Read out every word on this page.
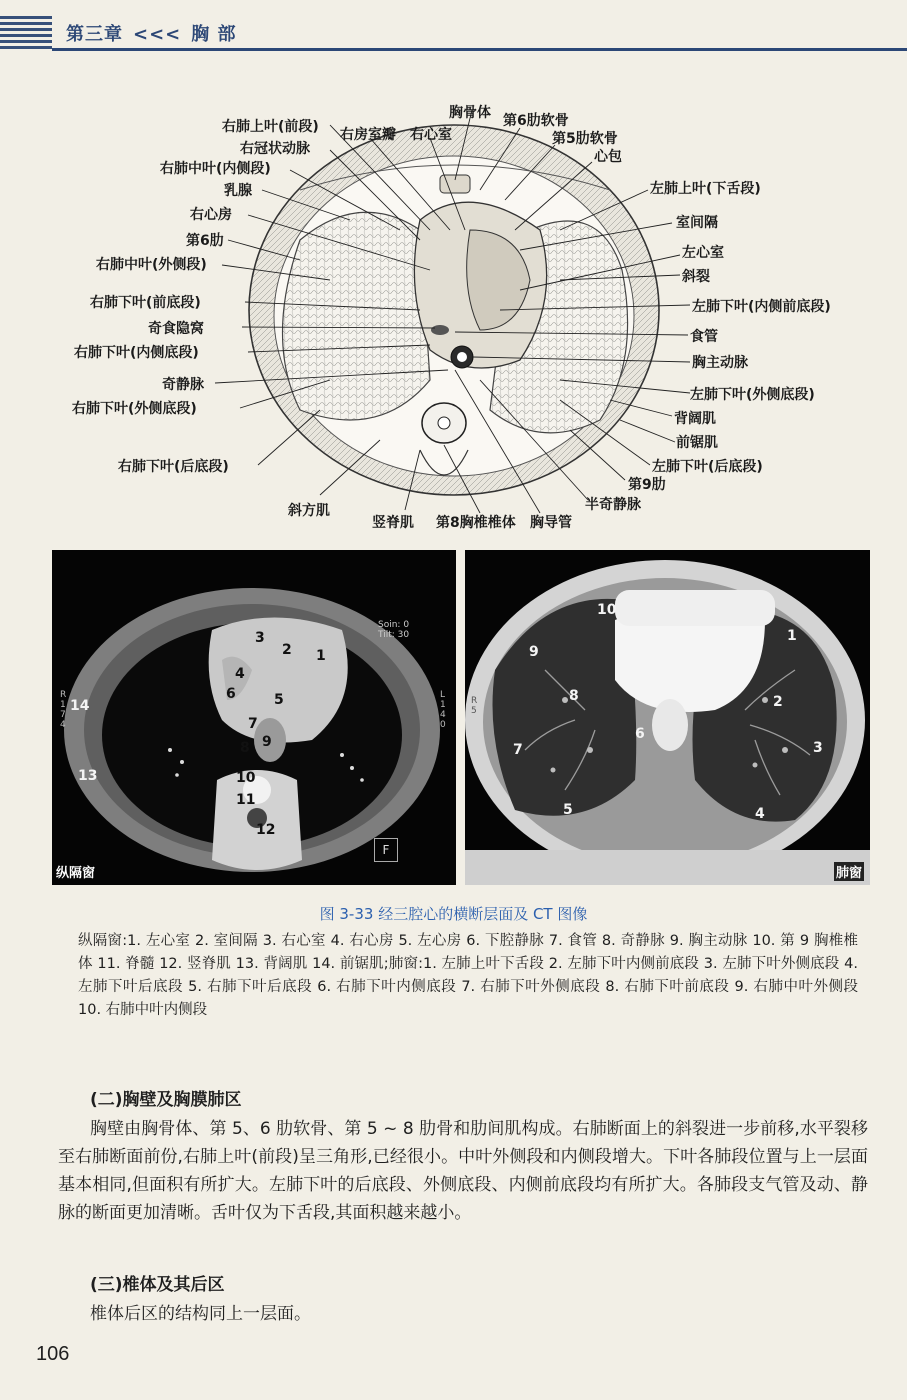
第三章 <<< 胸 部
胸骨体 第6肋软骨
右肺上叶(前段) 右房室瓣 右心室	第5肋软骨
右冠状动脉	心包
右肺中叶(内侧段)
乳腺	左肺上叶(下舌段)
右心房	室间隔
第6肋
左心室
右肺中叶(外侧段)
斜裂
右肺下叶(前底段)	左肺下叶(内侧前底段)
奇食隐窝	食管
右肺下叶(内侧底段)
胸主动脉
奇静脉
左肺下叶(外侧底段)
右肺下叶(外侧底段)
背阔肌
前锯肌
右肺下叶(后底段)	左肺下叶(后底段)
第9肋
半奇静脉
斜方肌
竖脊肌 第8胸椎椎体 胸导管
1
2
3
4
5
6
7
8 9
10
11
12
13
14
Soin: 0
Tilt: 30
R
1
7
4
L
1
4
0
F
纵隔窗
1
2
3
4
5
6
7
8
9
10
R
5
肺窗
图 3-33 经三腔心的横断层面及 CT 图像
纵隔窗:1. 左心室 2. 室间隔 3. 右心室 4. 右心房 5. 左心房 6. 下腔静脉 7. 食管 8. 奇静脉 9. 胸主动脉 10. 第 9 胸椎椎体 11. 脊髓 12. 竖脊肌 13. 背阔肌 14. 前锯肌;肺窗:1. 左肺上叶下舌段 2. 左肺下叶内侧前底段 3. 左肺下叶外侧底段 4. 左肺下叶后底段 5. 右肺下叶后底段 6. 右肺下叶内侧底段 7. 右肺下叶外侧底段 8. 右肺下叶前底段 9. 右肺中叶外侧段 10. 右肺中叶内侧段
(二)胸壁及胸膜肺区
胸壁由胸骨体、第 5、6 肋软骨、第 5 ~ 8 肋骨和肋间肌构成。右肺断面上的斜裂进一步前移,水平裂移至右肺断面前份,右肺上叶(前段)呈三角形,已经很小。中叶外侧段和内侧段增大。下叶各肺段位置与上一层面基本相同,但面积有所扩大。左肺下叶的后底段、外侧底段、内侧前底段均有所扩大。各肺段支气管及动、静脉的断面更加清晰。舌叶仅为下舌段,其面积越来越小。
(三)椎体及其后区
椎体后区的结构同上一层面。
106
